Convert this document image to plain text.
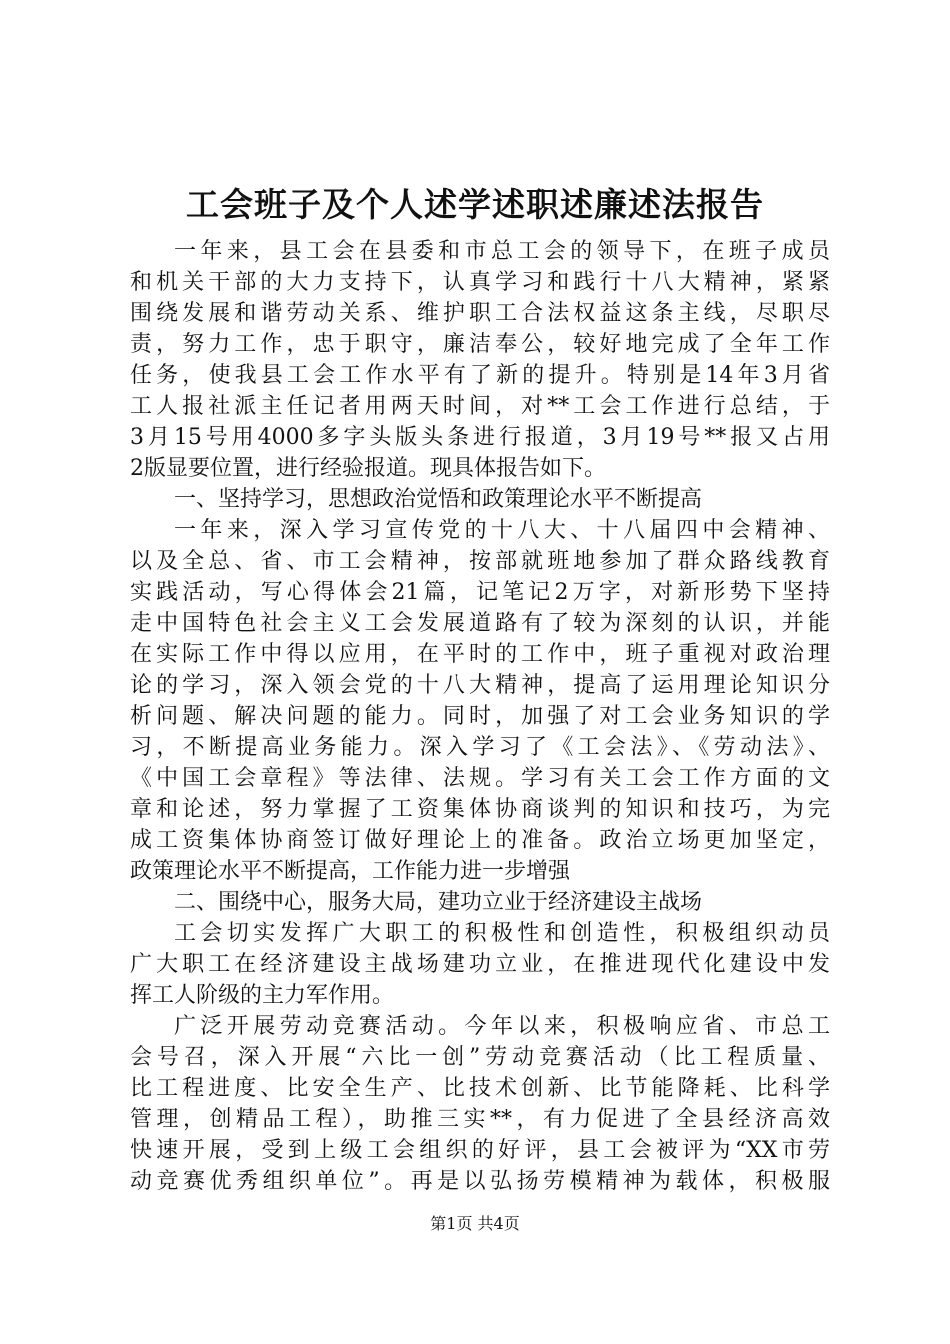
工会班子及个人述学述职述廉述法报告
一年来，县工会在县委和市总工会的领导下，在班子成员
和机关干部的大力支持下，认真学习和践行十八大精神，紧紧
围绕发展和谐劳动关系、维护职工合法权益这条主线，尽职尽
责，努力工作，忠于职守，廉洁奉公，较好地完成了全年工作
任务，使我县工会工作水平有了新的提升。特别是14年3月省
工人报社派主任记者用两天时间，对**工会工作进行总结，于
3月15号用4000多字头版头条进行报道，3月19号**报又占用
2版显要位置，进行经验报道。现具体报告如下。
一、坚持学习，思想政治觉悟和政策理论水平不断提高
一年来，深入学习宣传党的十八大、十八届四中会精神、
以及全总、省、市工会精神，按部就班地参加了群众路线教育
实践活动，写心得体会21篇，记笔记2万字，对新形势下坚持
走中国特色社会主义工会发展道路有了较为深刻的认识，并能
在实际工作中得以应用，在平时的工作中，班子重视对政治理
论的学习，深入领会党的十八大精神，提高了运用理论知识分
析问题、解决问题的能力。同时，加强了对工会业务知识的学
习，不断提高业务能力。深入学习了《工会法》、《劳动法》、
《中国工会章程》等法律、法规。学习有关工会工作方面的文
章和论述，努力掌握了工资集体协商谈判的知识和技巧，为完
成工资集体协商签订做好理论上的准备。政治立场更加坚定，
政策理论水平不断提高，工作能力进一步增强
二、围绕中心，服务大局，建功立业于经济建设主战场
工会切实发挥广大职工的积极性和创造性，积极组织动员
广大职工在经济建设主战场建功立业，在推进现代化建设中发
挥工人阶级的主力军作用。
广泛开展劳动竞赛活动。今年以来，积极响应省、市总工
会号召，深入开展“六比一创”劳动竞赛活动（比工程质量、
比工程进度、比安全生产、比技术创新、比节能降耗、比科学
管理，创精品工程），助推三实**，有力促进了全县经济高效
快速开展，受到上级工会组织的好评，县工会被评为“XX市劳
动竞赛优秀组织单位”。再是以弘扬劳模精神为载体，积极服
第1页 共4页
